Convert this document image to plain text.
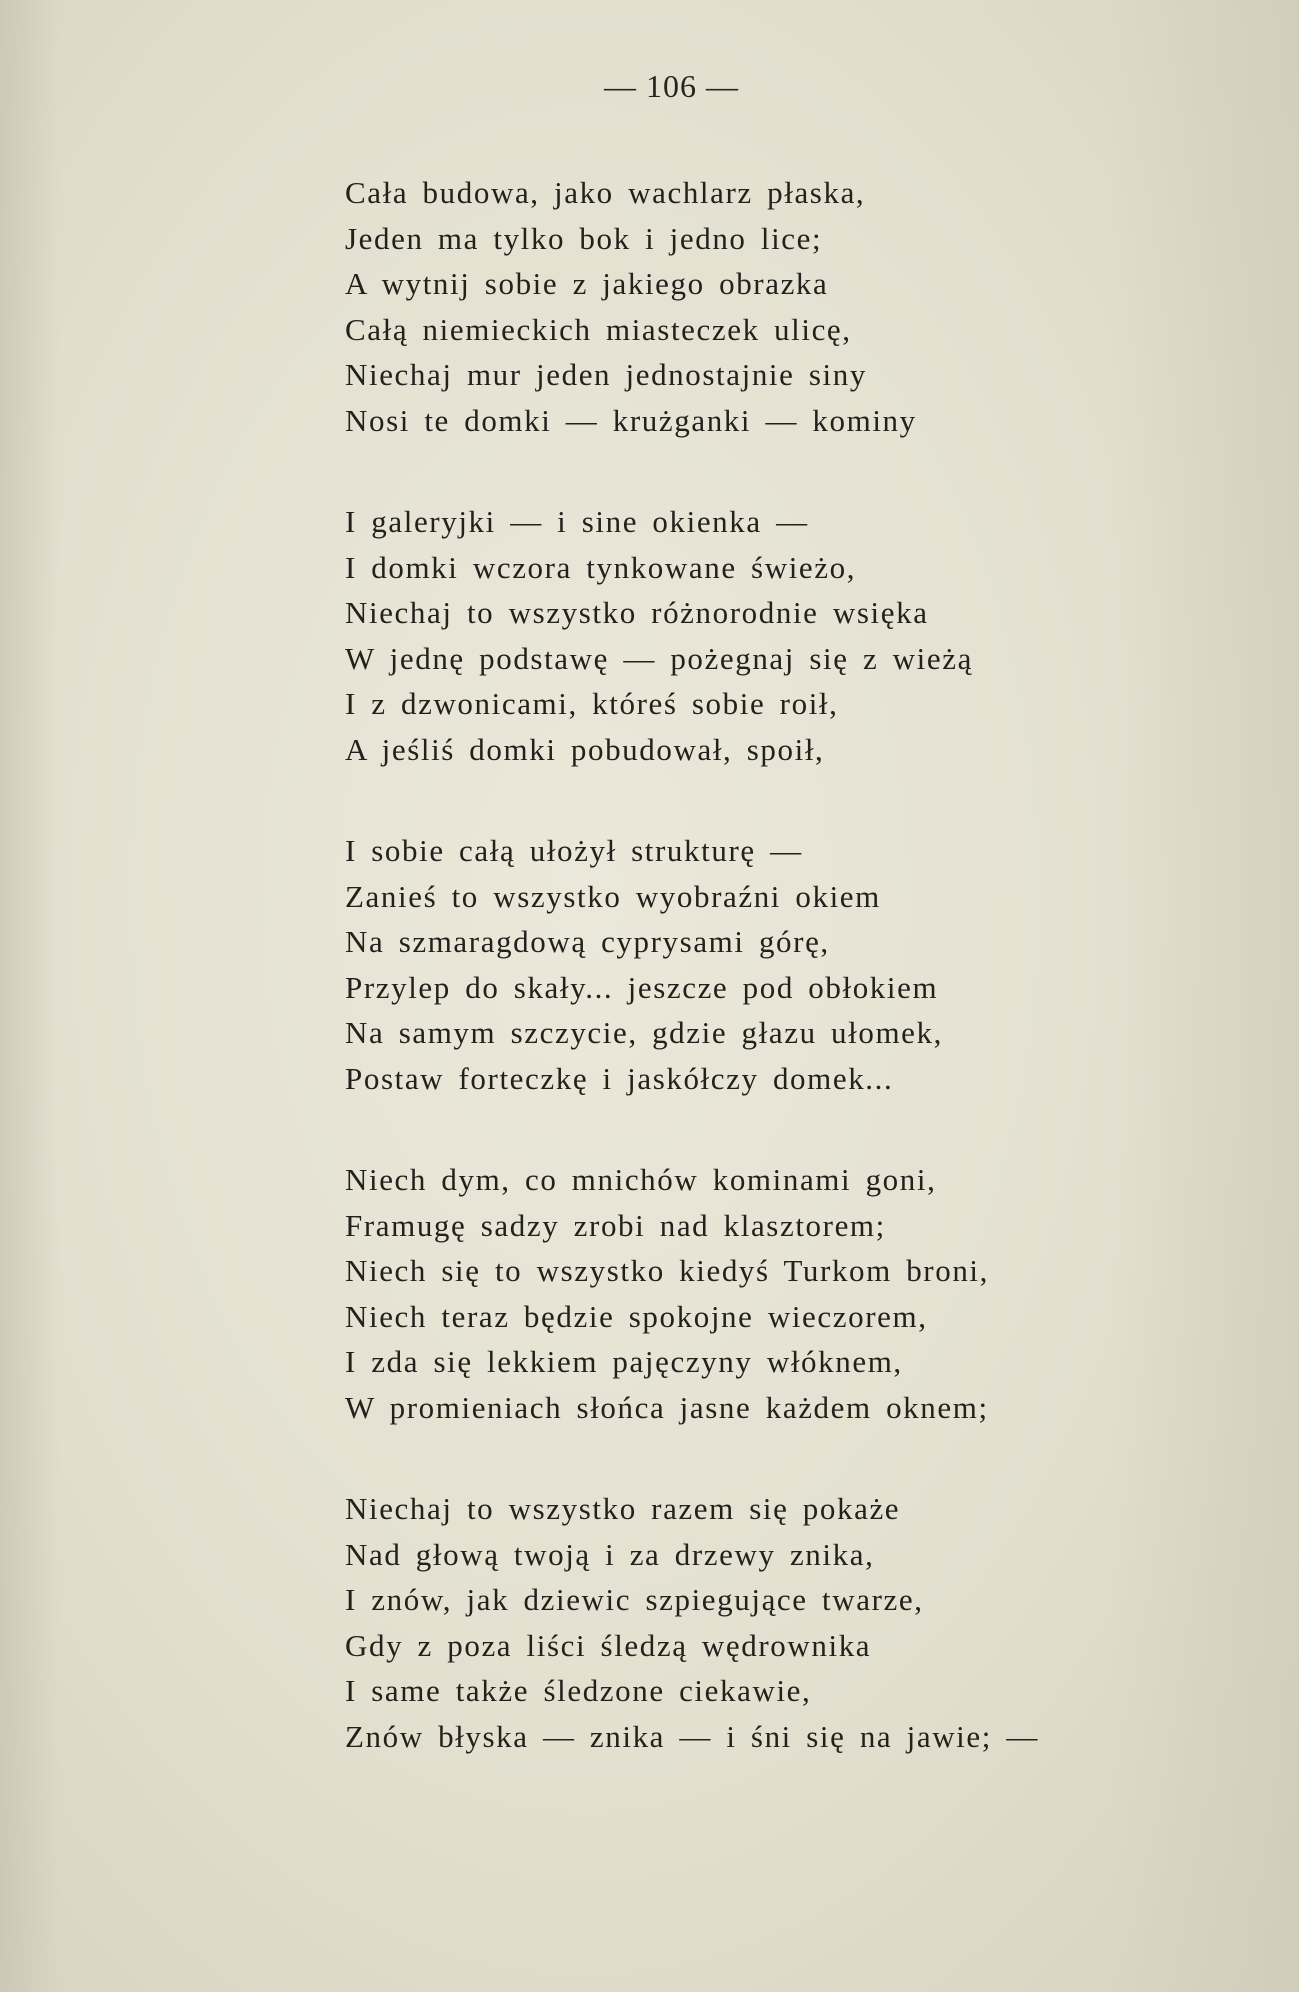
— 106 —
Cała budowa, jako wachlarz płaska,
Jeden ma tylko bok i jedno lice;
A wytnij sobie z jakiego obrazka
Całą niemieckich miasteczek ulicę,
Niechaj mur jeden jednostajnie siny
Nosi te domki — krużganki — kominy
I galeryjki — i sine okienka —
I domki wczora tynkowane świeżo,
Niechaj to wszystko różnorodnie wsięka
W jednę podstawę — pożegnaj się z wieżą
I z dzwonicami, któreś sobie roił,
A jeśliś domki pobudował, spoił,
I sobie całą ułożył strukturę —
Zanieś to wszystko wyobraźni okiem
Na szmaragdową cyprysami górę,
Przylep do skały... jeszcze pod obłokiem
Na samym szczycie, gdzie głazu ułomek,
Postaw forteczkę i jaskółczy domek...
Niech dym, co mnichów kominami goni,
Framugę sadzy zrobi nad klasztorem;
Niech się to wszystko kiedyś Turkom broni,
Niech teraz będzie spokojne wieczorem,
I zda się lekkiem pajęczyny włóknem,
W promieniach słońca jasne każdem oknem;
Niechaj to wszystko razem się pokaże
Nad głową twoją i za drzewy znika,
I znów, jak dziewic szpiegujące twarze,
Gdy z poza liści śledzą wędrownika
I same także śledzone ciekawie,
Znów błyska — znika — i śni się na jawie; —
